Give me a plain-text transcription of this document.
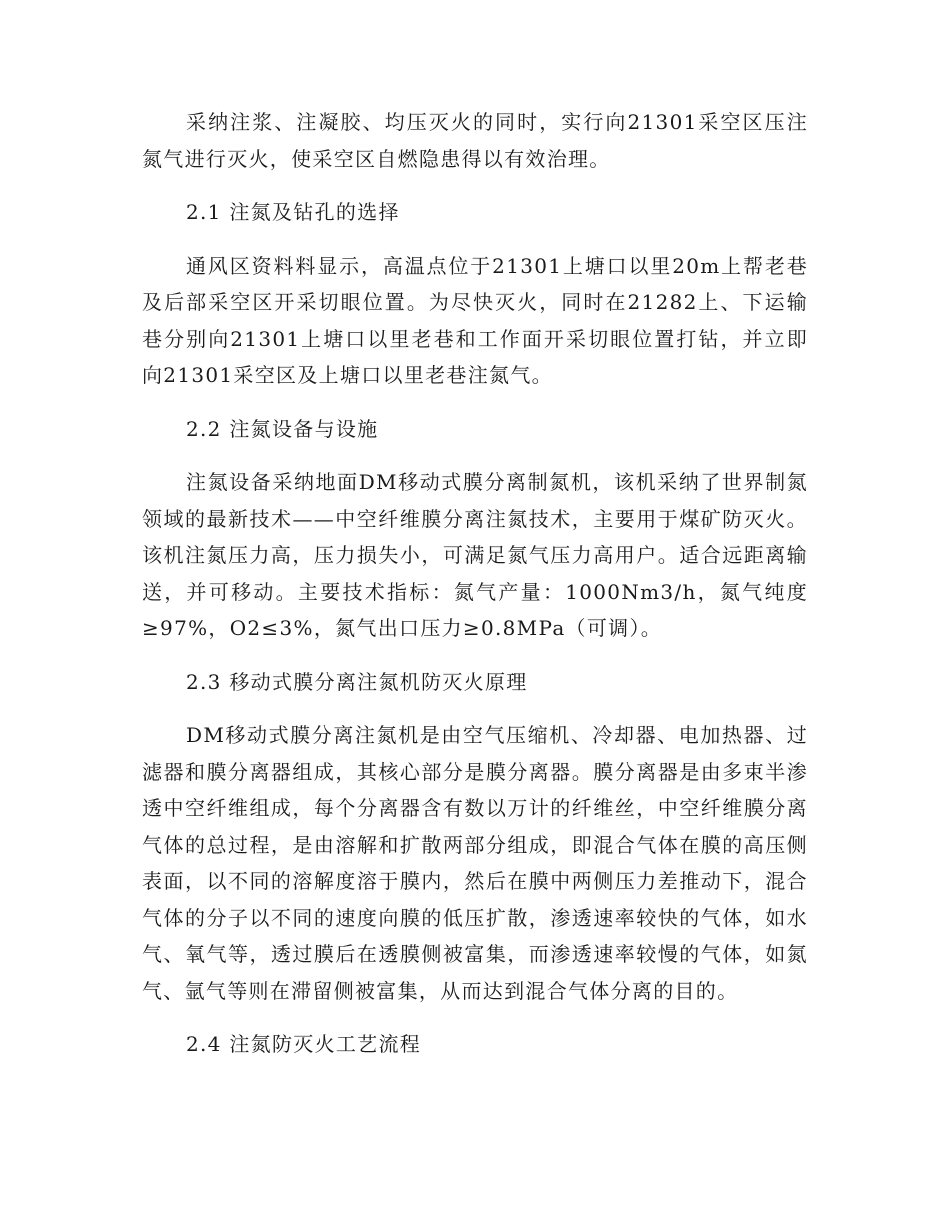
采纳注浆、注凝胶、均压灭火的同时，实行向21301采空区压注氮气进行灭火，使采空区自燃隐患得以有效治理。

2.1 注氮及钻孔的选择

通风区资料料显示，高温点位于21301上塘口以里20m上帮老巷及后部采空区开采切眼位置。为尽快灭火，同时在21282上、下运输巷分别向21301上塘口以里老巷和工作面开采切眼位置打钻，并立即向21301采空区及上塘口以里老巷注氮气。

2.2 注氮设备与设施

注氮设备采纳地面DM移动式膜分离制氮机，该机采纳了世界制氮领域的最新技术——中空纤维膜分离注氮技术，主要用于煤矿防灭火。该机注氮压力高，压力损失小，可满足氮气压力高用户。适合远距离输送，并可移动。主要技术指标：氮气产量：1000Nm3/h，氮气纯度≥97%，O2≤3%，氮气出口压力≥0.8MPa（可调）。

2.3 移动式膜分离注氮机防灭火原理

DM移动式膜分离注氮机是由空气压缩机、冷却器、电加热器、过滤器和膜分离器组成，其核心部分是膜分离器。膜分离器是由多束半渗透中空纤维组成，每个分离器含有数以万计的纤维丝，中空纤维膜分离气体的总过程，是由溶解和扩散两部分组成，即混合气体在膜的高压侧表面，以不同的溶解度溶于膜内，然后在膜中两侧压力差推动下，混合气体的分子以不同的速度向膜的低压扩散，渗透速率较快的气体，如水气、氧气等，透过膜后在透膜侧被富集，而渗透速率较慢的气体，如氮气、氩气等则在滞留侧被富集，从而达到混合气体分离的目的。

2.4 注氮防灭火工艺流程
